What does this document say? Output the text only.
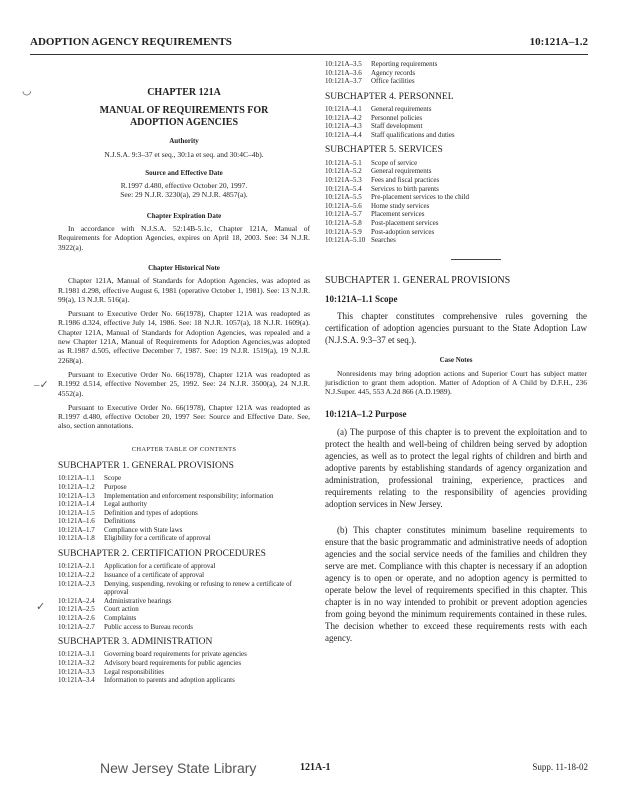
ADOPTION AGENCY REQUIREMENTS	10:121A–1.2
◡
–✓
✓
CHAPTER 121A
MANUAL OF REQUIREMENTS FOR
ADOPTION AGENCIES
Authority
N.J.S.A. 9:3–37 et seq., 30:1a et seq. and 30:4C–4b).
Source and Effective Date
R.1997 d.480, effective October 20, 1997.
See: 29 N.J.R. 3230(a), 29 N.J.R. 4857(a).
Chapter Expiration Date
In accordance with N.J.S.A. 52:14B-5.1c, Chapter 121A, Manual of Requirements for Adoption Agencies, expires on April 18, 2003. See: 34 N.J.R. 3922(a).
Chapter Historical Note
Chapter 121A, Manual of Standards for Adoption Agencies, was adopted as R.1981 d.298, effective August 6, 1981 (operative October 1, 1981). See: 13 N.J.R. 99(a), 13 N.J.R. 516(a).
Pursuant to Executive Order No. 66(1978), Chapter 121A was readopted as R.1986 d.324, effective July 14, 1986. See: 18 N.J.R. 1057(a), 18 N.J.R. 1609(a). Chapter 121A, Manual of Standards for Adoption Agencies, was repealed and a new Chapter 121A, Manual of Requirements for Adoption Agencies,was adopted as R.1987 d.505, effective December 7, 1987. See: 19 N.J.R. 1519(a), 19 N.J.R. 2268(a).
Pursuant to Executive Order No. 66(1978), Chapter 121A was readopted as R.1992 d.514, effective November 25, 1992. See: 24 N.J.R. 3500(a), 24 N.J.R. 4552(a).
Pursuant to Executive Order No. 66(1978), Chapter 121A was readopted as R.1997 d.480, effective October 20, 1997 See: Source and Effective Date. See, also, section annotations.
CHAPTER TABLE OF CONTENTS
SUBCHAPTER 1. GENERAL PROVISIONS
10:121A–1.1	Scope
10:121A–1.2	Purpose
10:121A–1.3	Implementation and enforcement responsibility; information
10:121A–1.4	Legal authority
10:121A–1.5	Definition and types of adoptions
10:121A–1.6	Definitions
10:121A–1.7	Compliance with State laws
10:121A–1.8	Eligibility for a certificate of approval
SUBCHAPTER 2. CERTIFICATION PROCEDURES
10:121A–2.1	Application for a certificate of approval
10:121A–2.2	Issuance of a certificate of approval
10:121A–2.3	Denying, suspending, revoking or refusing to renew a certificate of approval
10:121A–2.4	Administrative hearings
10:121A–2.5	Court action
10:121A–2.6	Complaints
10:121A–2.7	Public access to Bureau records
SUBCHAPTER 3. ADMINISTRATION
10:121A–3.1	Governing board requirements for private agencies
10:121A–3.2	Advisory board requirements for public agencies
10:121A–3.3	Legal responsibilities
10:121A–3.4	Information to parents and adoption applicants
10:121A–3.5	Reporting requirements
10:121A–3.6	Agency records
10:121A–3.7	Office facilities
SUBCHAPTER 4. PERSONNEL
10:121A–4.1	General requirements
10:121A–4.2	Personnel policies
10:121A–4.3	Staff development
10:121A–4.4	Staff qualifications and duties
SUBCHAPTER 5. SERVICES
10:121A–5.1	Scope of service
10:121A–5.2	General requirements
10:121A–5.3	Fees and fiscal practices
10:121A–5.4	Services to birth parents
10:121A–5.5	Pre-placement services to the child
10:121A–5.6	Home study services
10:121A–5.7	Placement services
10:121A–5.8	Post-placement services
10:121A–5.9	Post-adoption services
10:121A–5.10 Searches
SUBCHAPTER 1. GENERAL PROVISIONS
10:121A–1.1 Scope
This chapter constitutes comprehensive rules governing the certification of adoption agencies pursuant to the State Adoption Law (N.J.S.A. 9:3–37 et seq.).
Case Notes
Nonresidents may bring adoption actions and Superior Court has subject matter jurisdiction to grant them adoption. Matter of Adoption of A Child by D.F.H., 236 N.J.Super. 445, 553 A.2d 866 (A.D.1989).
10:121A–1.2 Purpose
(a) The purpose of this chapter is to prevent the exploitation and to protect the health and well-being of children being served by adoption agencies, as well as to protect the legal rights of children and birth and adoptive parents by establishing standards of agency organization and administration, professional training, experience, practices and requirements relating to the responsibility of agencies providing adoption services in New Jersey.
(b) This chapter constitutes minimum baseline requirements to ensure that the basic programmatic and administrative needs of adoption agencies and the social service needs of the families and children they serve are met. Compliance with this chapter is necessary if an adoption agency is to open or operate, and no adoption agency is permitted to operate below the level of requirements specified in this chapter. This chapter is in no way intended to prohibit or prevent adoption agencies from going beyond the minimum requirements contained in these rules. The decision whether to exceed these requirements rests with each agency.
New Jersey State Library	121A-1	Supp. 11-18-02
